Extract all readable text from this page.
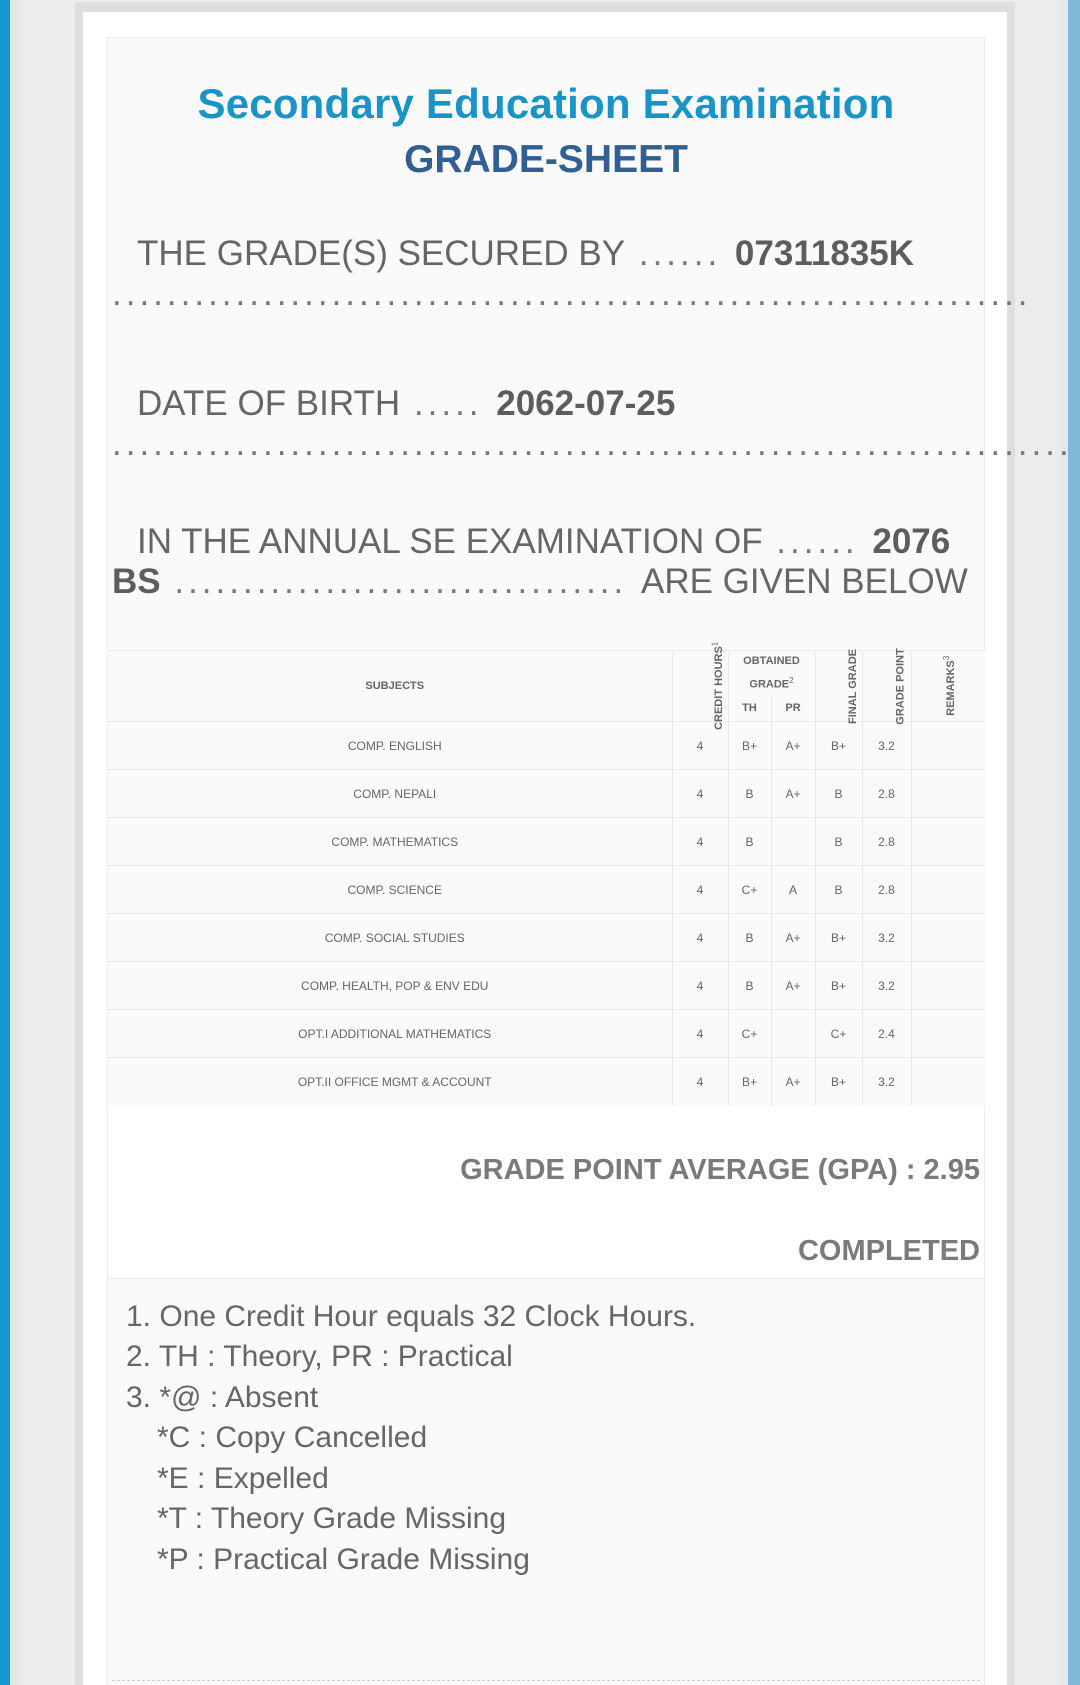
Secondary Education Examination
GRADE-SHEET
THE GRADE(S) SECURED BY ...... 07311835K ...................................................................
DATE OF BIRTH ..... 2062-07-25 ......................................................................
IN THE ANNUAL SE EXAMINATION OF ...... 2076 BS ................................. ARE GIVEN BELOW
SUBJECTS	CREDIT HOURS$^1$	OBTAINED GRADE$^2$		FINAL GRADE	GRADE POINT	REMARKS$^3$
		TH	PR			
COMP. ENGLISH	4	B+	A+	B+	3.2	
COMP. NEPALI	4	B	A+	B	2.8	
COMP. MATHEMATICS	4	B		B	2.8	
COMP. SCIENCE	4	C+	A	B	2.8	
COMP. SOCIAL STUDIES	4	B	A+	B+	3.2	
COMP. HEALTH, POP & ENV EDU	4	B	A+	B+	3.2	
OPT.I ADDITIONAL MATHEMATICS	4	C+		C+	2.4	
OPT.II OFFICE MGMT & ACCOUNT	4	B+	A+	B+	3.2	
GRADE POINT AVERAGE (GPA) : 2.95
COMPLETED
1. One Credit Hour equals 32 Clock Hours.
2. TH : Theory, PR : Practical
3. *@ : Absent
*C : Copy Cancelled
*E : Expelled
*T : Theory Grade Missing
*P : Practical Grade Missing
